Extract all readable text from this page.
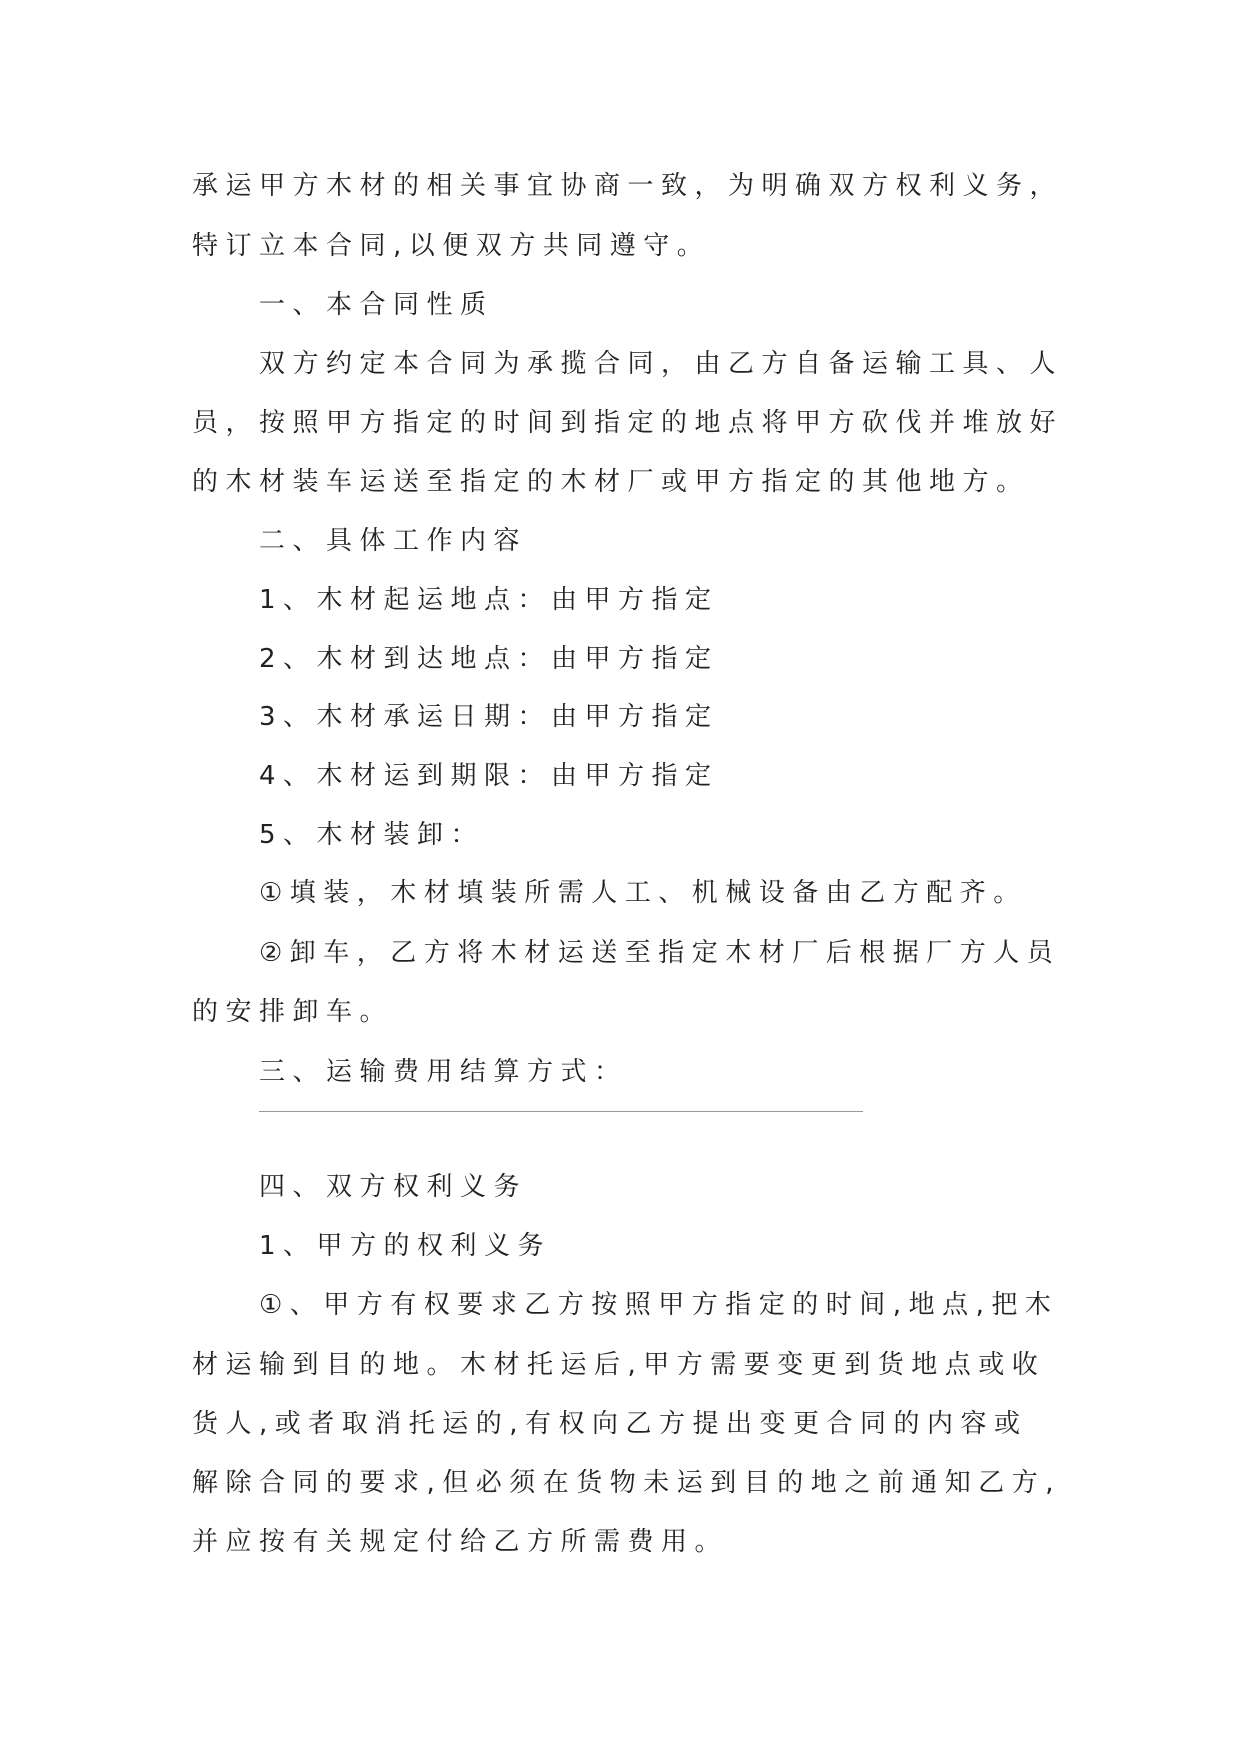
承运甲方木材的相关事宜协商一致，为明确双方权利义务，

特订立本合同,以便双方共同遵守。

一、本合同性质

双方约定本合同为承揽合同，由乙方自备运输工具、人

员，按照甲方指定的时间到指定的地点将甲方砍伐并堆放好

的木材装车运送至指定的木材厂或甲方指定的其他地方。

二、具体工作内容

1、木材起运地点：由甲方指定

2、木材到达地点：由甲方指定

3、木材承运日期：由甲方指定

4、木材运到期限：由甲方指定

5、木材装卸：

①填装，木材填装所需人工、机械设备由乙方配齐。

②卸车，乙方将木材运送至指定木材厂后根据厂方人员

的安排卸车。

三、运输费用结算方式：

四、双方权利义务

1、甲方的权利义务

①、甲方有权要求乙方按照甲方指定的时间,地点,把木

材运输到目的地。木材托运后,甲方需要变更到货地点或收

货人,或者取消托运的,有权向乙方提出变更合同的内容或

解除合同的要求,但必须在货物未运到目的地之前通知乙方,

并应按有关规定付给乙方所需费用。
